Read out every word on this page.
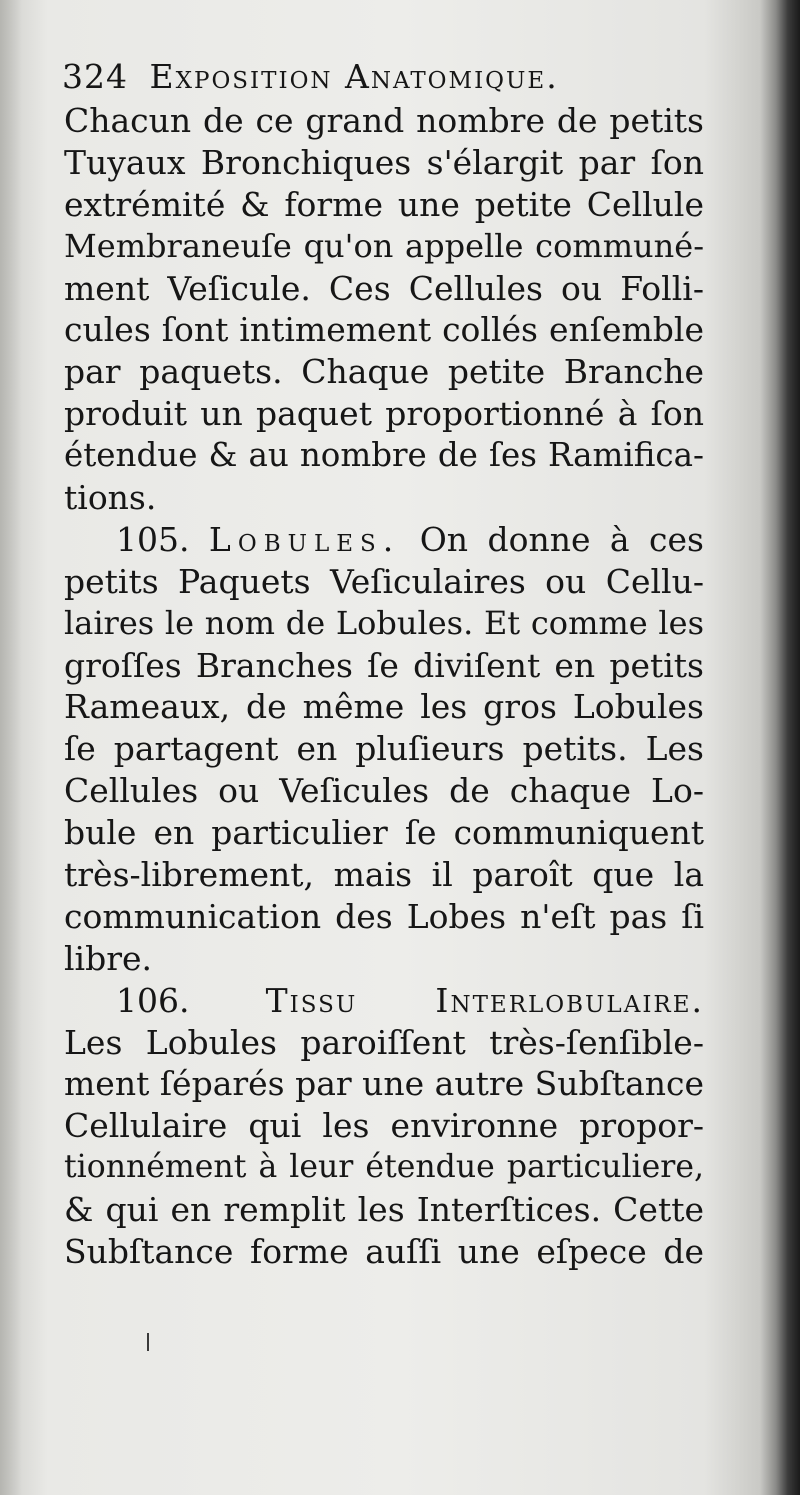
324 Exposition Anatomique.
Chacun de ce grand nombre de petits
Tuyaux Bronchiques s'élargit par ſon
extrémité & forme une petite Cellule
Membraneuſe qu'on appelle communé-
ment Veſicule. Ces Cellules ou Folli-
cules ſont intimement collés enſemble
par paquets. Chaque petite Branche
produit un paquet proportionné à ſon
étendue & au nombre de ſes Ramifica-
tions.
105. Lobules. On donne à ces
petits Paquets Veſiculaires ou Cellu-
laires le nom de Lobules. Et comme les
groſſes Branches ſe diviſent en petits
Rameaux, de même les gros Lobules
ſe partagent en pluſieurs petits. Les
Cellules ou Veſicules de chaque Lo-
bule en particulier ſe communiquent
très-librement, mais il paroît que la
communication des Lobes n'eſt pas ſi
libre.
106. Tissu Interlobulaire.
Les Lobules paroiſſent très-ſenſible-
ment ſéparés par une autre Subſtance
Cellulaire qui les environne propor-
tionnément à leur étendue particuliere,
& qui en remplit les Interſtices. Cette
Subſtance forme auſſi une eſpece de
